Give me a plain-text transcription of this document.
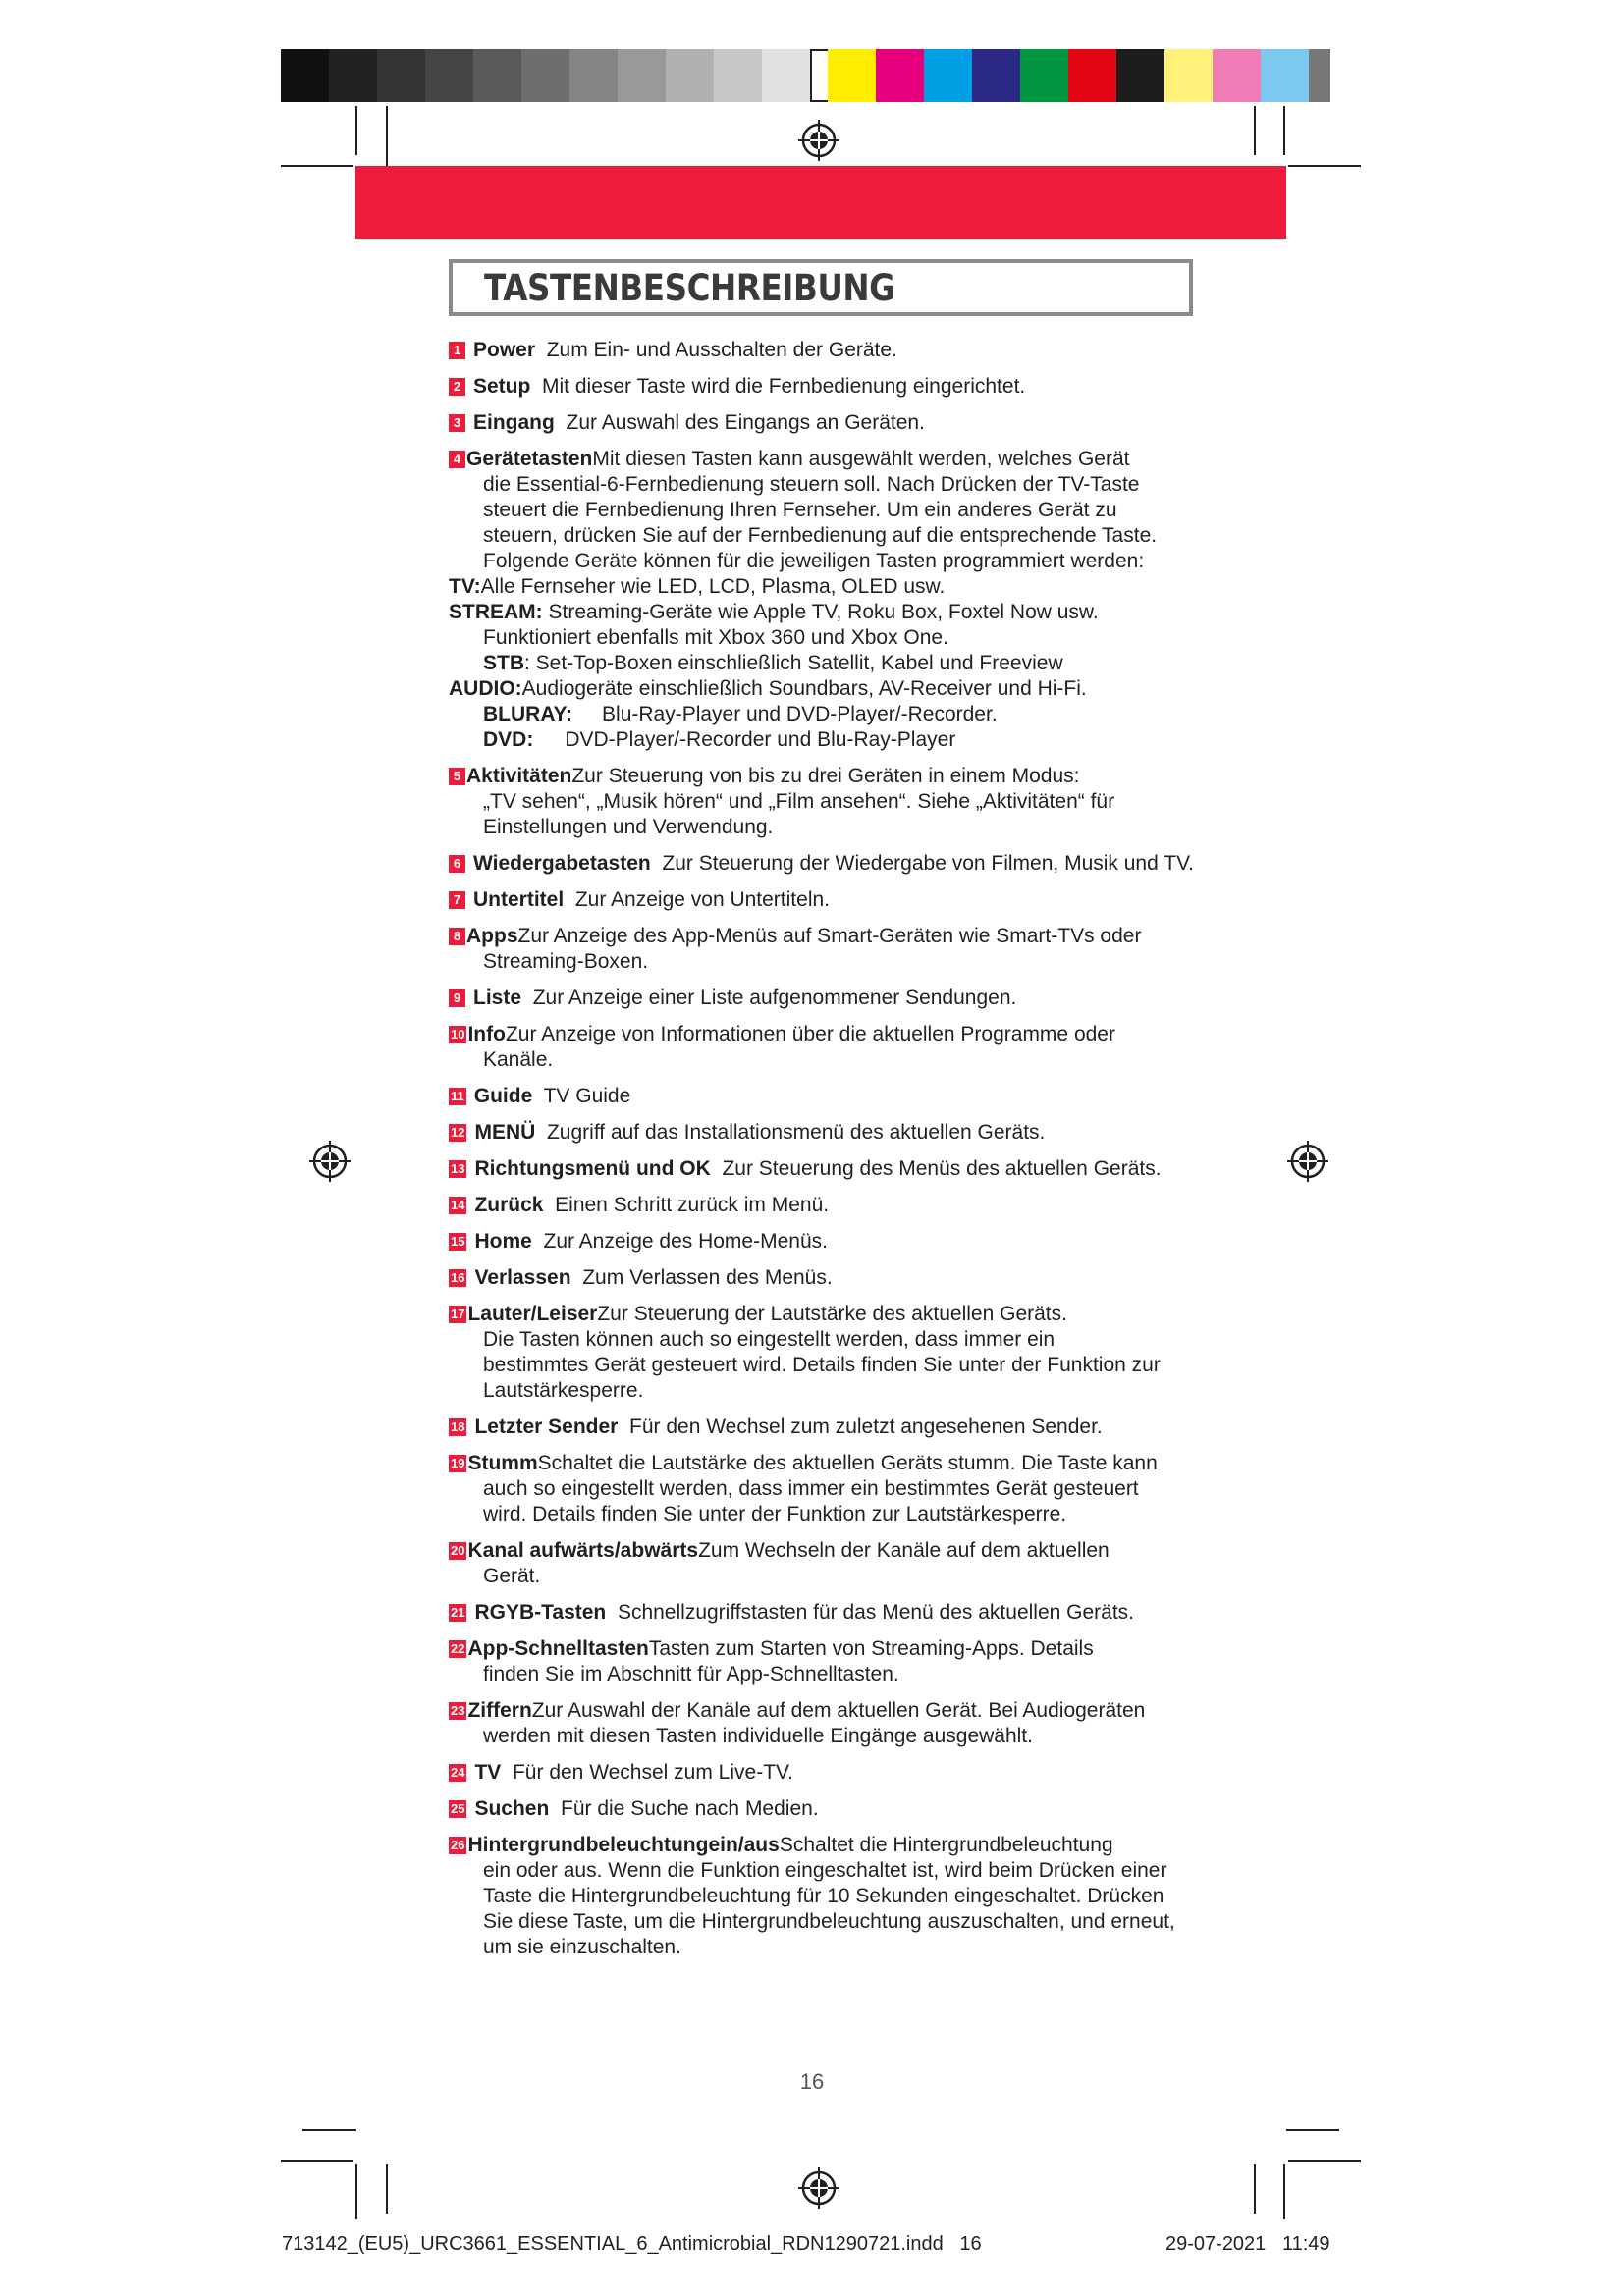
TASTENBESCHREIBUNG
1 Power Zum Ein- und Ausschalten der Geräte.
2 Setup Mit dieser Taste wird die Fernbedienung eingerichtet.
3 Eingang Zur Auswahl des Eingangs an Geräten.
4 GerätetastenMit diesen Tasten kann ausgewählt werden, welches Gerät
die Essential-6-Fernbedienung steuern soll. Nach Drücken der TV-Taste
steuert die Fernbedienung Ihren Fernseher. Um ein anderes Gerät zu
steuern, drücken Sie auf der Fernbedienung auf die entsprechende Taste.
Folgende Geräte können für die jeweiligen Tasten programmiert werden:
TV:Alle Fernseher wie LED, LCD, Plasma, OLED usw.
STREAM: Streaming-Geräte wie Apple TV, Roku Box, Foxtel Now usw.
Funktioniert ebenfalls mit Xbox 360 und Xbox One.
STB: Set-Top-Boxen einschließlich Satellit, Kabel und Freeview
AUDIO:Audiogeräte einschließlich Soundbars, AV-Receiver und Hi-Fi.
BLURAY: Blu-Ray-Player und DVD-Player/-Recorder.
DVD: DVD-Player/-Recorder und Blu-Ray-Player
5 AktivitätenZur Steuerung von bis zu drei Geräten in einem Modus:
„TV sehen“, „Musik hören“ und „Film ansehen“. Siehe „Aktivitäten“ für
Einstellungen und Verwendung.
6 Wiedergabetasten Zur Steuerung der Wiedergabe von Filmen, Musik und TV.
7 Untertitel Zur Anzeige von Untertiteln.
8 AppsZur Anzeige des App-Menüs auf Smart-Geräten wie Smart-TVs oder
Streaming-Boxen.
9 Liste Zur Anzeige einer Liste aufgenommener Sendungen.
10 InfoZur Anzeige von Informationen über die aktuellen Programme oder
Kanäle.
11 Guide TV Guide
12 MENÜ Zugriff auf das Installationsmenü des aktuellen Geräts.
13 Richtungsmenü und OK Zur Steuerung des Menüs des aktuellen Geräts.
14 Zurück Einen Schritt zurück im Menü.
15 Home Zur Anzeige des Home-Menüs.
16 Verlassen Zum Verlassen des Menüs.
17 Lauter/LeiserZur Steuerung der Lautstärke des aktuellen Geräts.
Die Tasten können auch so eingestellt werden, dass immer ein
bestimmtes Gerät gesteuert wird. Details finden Sie unter der Funktion zur
Lautstärkesperre.
18 Letzter Sender Für den Wechsel zum zuletzt angesehenen Sender.
19 StummSchaltet die Lautstärke des aktuellen Geräts stumm. Die Taste kann
auch so eingestellt werden, dass immer ein bestimmtes Gerät gesteuert
wird. Details finden Sie unter der Funktion zur Lautstärkesperre.
20 Kanal aufwärts/abwärtsZum Wechseln der Kanäle auf dem aktuellen
Gerät.
21 RGYB-Tasten Schnellzugriffstasten für das Menü des aktuellen Geräts.
22 App-SchnelltastenTasten zum Starten von Streaming-Apps. Details
finden Sie im Abschnitt für App-Schnelltasten.
23 ZiffernZur Auswahl der Kanäle auf dem aktuellen Gerät. Bei Audiogeräten
werden mit diesen Tasten individuelle Eingänge ausgewählt.
24 TV Für den Wechsel zum Live-TV.
25 Suchen Für die Suche nach Medien.
26 Hintergrundbeleuchtungein/ausSchaltet die Hintergrundbeleuchtung
ein oder aus. Wenn die Funktion eingeschaltet ist, wird beim Drücken einer
Taste die Hintergrundbeleuchtung für 10 Sekunden eingeschaltet. Drücken
Sie diese Taste, um die Hintergrundbeleuchtung auszuschalten, und erneut,
um sie einzuschalten.
16
713142_(EU5)_URC3661_ESSENTIAL_6_Antimicrobial_RDN1290721.indd   16	29-07-2021   11:49
